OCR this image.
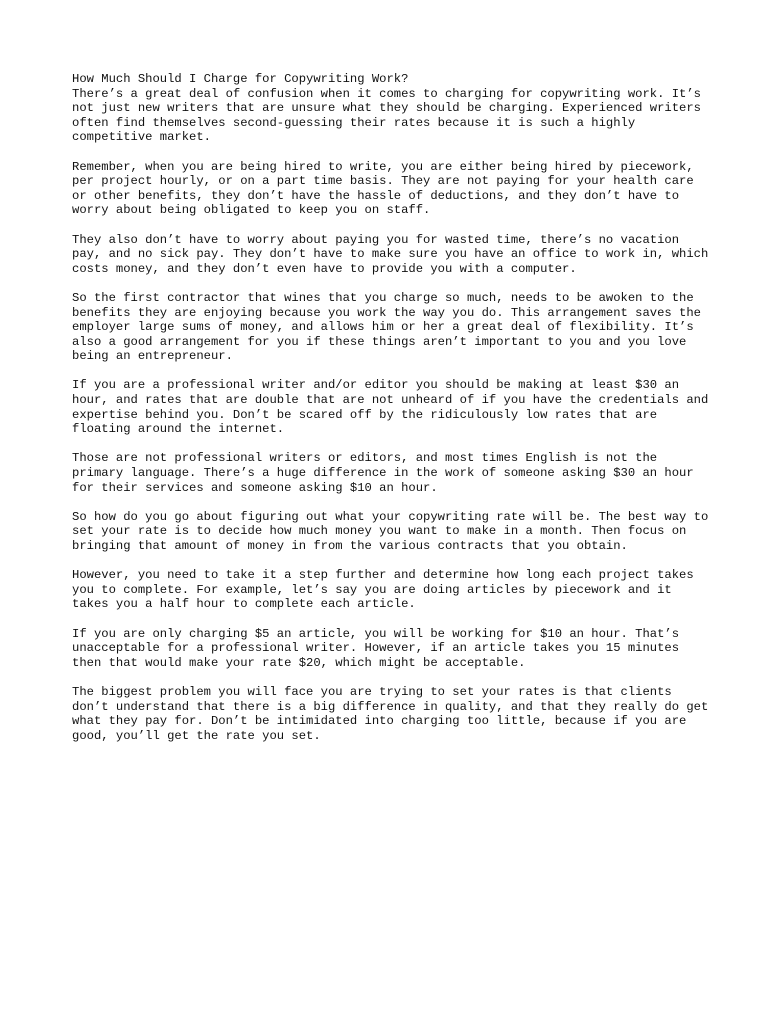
How Much Should I Charge for Copywriting Work?

There’s a great deal of confusion when it comes to charging for copywriting work. It’s not just new writers that are unsure what they should be charging. Experienced writers often find themselves second-guessing their rates because it is such a highly competitive market.

Remember, when you are being hired to write, you are either being hired by piecework, per project hourly, or on a part time basis. They are not paying for your health care or other benefits, they don’t have the hassle of deductions, and they don’t have to worry about being obligated to keep you on staff.

They also don’t have to worry about paying you for wasted time, there’s no vacation pay, and no sick pay. They don’t have to make sure you have an office to work in, which costs money, and they don’t even have to provide you with a computer.

So the first contractor that wines that you charge so much, needs to be awoken to the benefits they are enjoying because you work the way you do. This arrangement saves the employer large sums of money, and allows him or her a great deal of flexibility. It’s also a good arrangement for you if these things aren’t important to you and you love being an entrepreneur.

If you are a professional writer and/or editor you should be making at least $30 an hour, and rates that are double that are not unheard of if you have the credentials and expertise behind you. Don’t be scared off by the ridiculously low rates that are floating around the internet.

Those are not professional writers or editors, and most times English is not the primary language. There’s a huge difference in the work of someone asking $30 an hour for their services and someone asking $10 an hour.

So how do you go about figuring out what your copywriting rate will be. The best way to set your rate is to decide how much money you want to make in a month. Then focus on bringing that amount of money in from the various contracts that you obtain.

However, you need to take it a step further and determine how long each project takes you to complete. For example, let’s say you are doing articles by piecework and it takes you a half hour to complete each article.

If you are only charging $5 an article, you will be working for $10 an hour. That’s unacceptable for a professional writer. However, if an article takes you 15 minutes then that would make your rate $20, which might be acceptable.

The biggest problem you will face you are trying to set your rates is that clients don’t understand that there is a big difference in quality, and that they really do get what they pay for. Don’t be intimidated into charging too little, because if you are good, you’ll get the rate you set.
